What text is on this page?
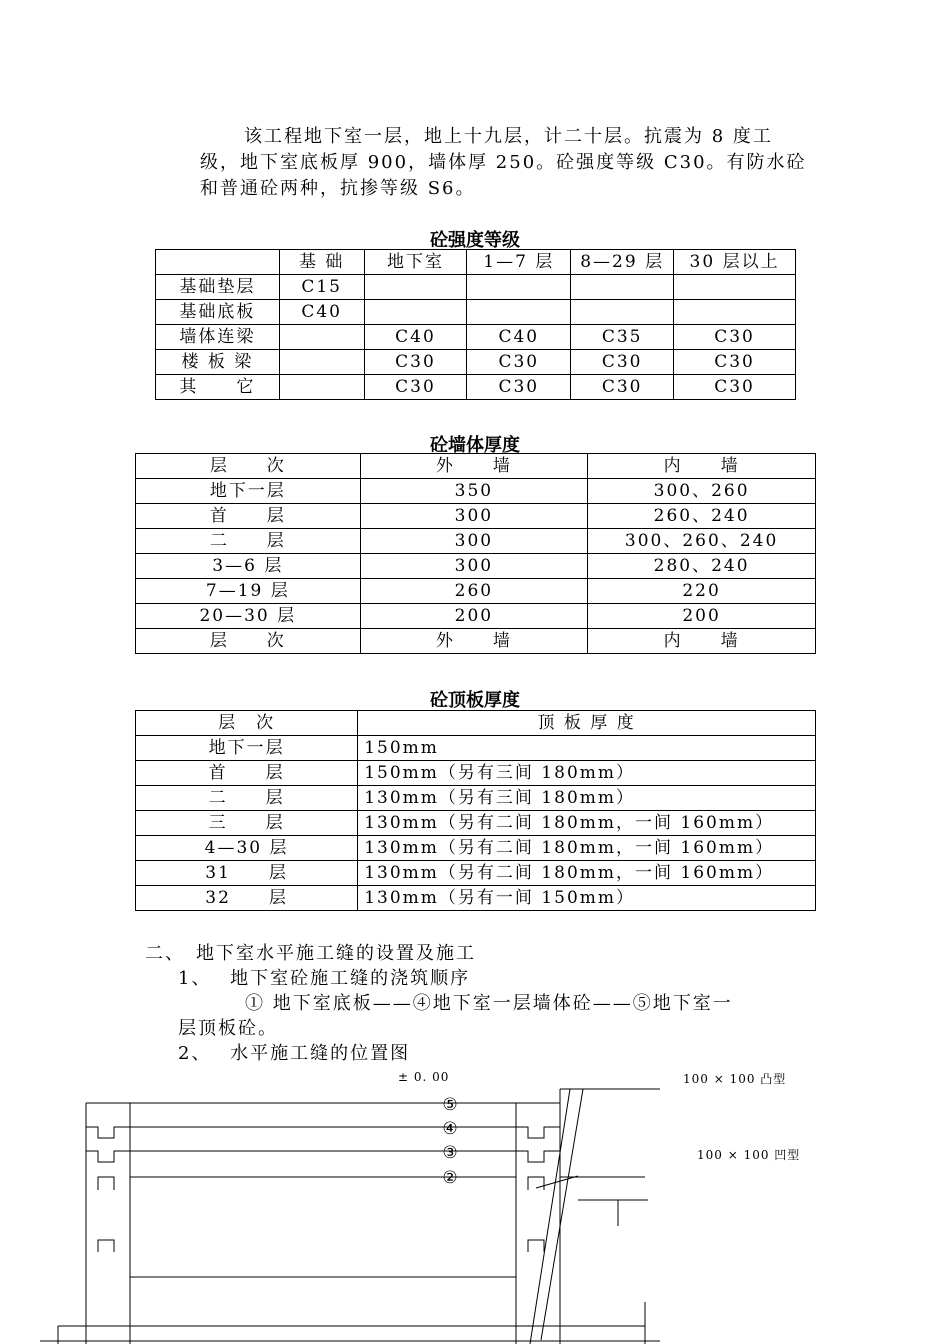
该工程地下室一层，地上十九层，计二十层。抗震为 8 度工级，地下室底板厚 900，墙体厚 250。砼强度等级 C30。有防水砼和普通砼两种，抗掺等级 S6。

砼强度等级

	基 础	地下室	1—7 层	8—29 层	30 层以上
基础垫层	C15				
基础底板	C40				
墙体连梁		C40	C40	C35	C30
楼 板 梁		C30	C30	C30	C30
其　　它		C30	C30	C30	C30

砼墙体厚度

层　　次	外　　墙	内　　墙
地下一层	350	300、260
首　　层	300	260、240
二　　层	300	300、260、240
3—6 层	300	280、240
7—19 层	260	220
20—30 层	200	200
层　　次	外　　墙	内　　墙

砼顶板厚度

层　次	顶 板 厚 度
地下一层	150mm
首　　层	150mm（另有三间 180mm）
二　　层	130mm（另有三间 180mm）
三　　层	130mm（另有二间 180mm，一间 160mm）
4—30 层	130mm（另有二间 180mm，一间 160mm）
31　　层	130mm（另有二间 180mm，一间 160mm）
32　　层	130mm（另有一间 150mm）

二、　地下室水平施工缝的设置及施工

1、　 地下室砼施工缝的浇筑顺序

① 地下室底板——④地下室一层墙体砼——⑤地下室一

层顶板砼。

2、　 水平施工缝的位置图

± 0. 00	100 × 100 凸型
100 × 100 凹型
⑤
④
③
②
